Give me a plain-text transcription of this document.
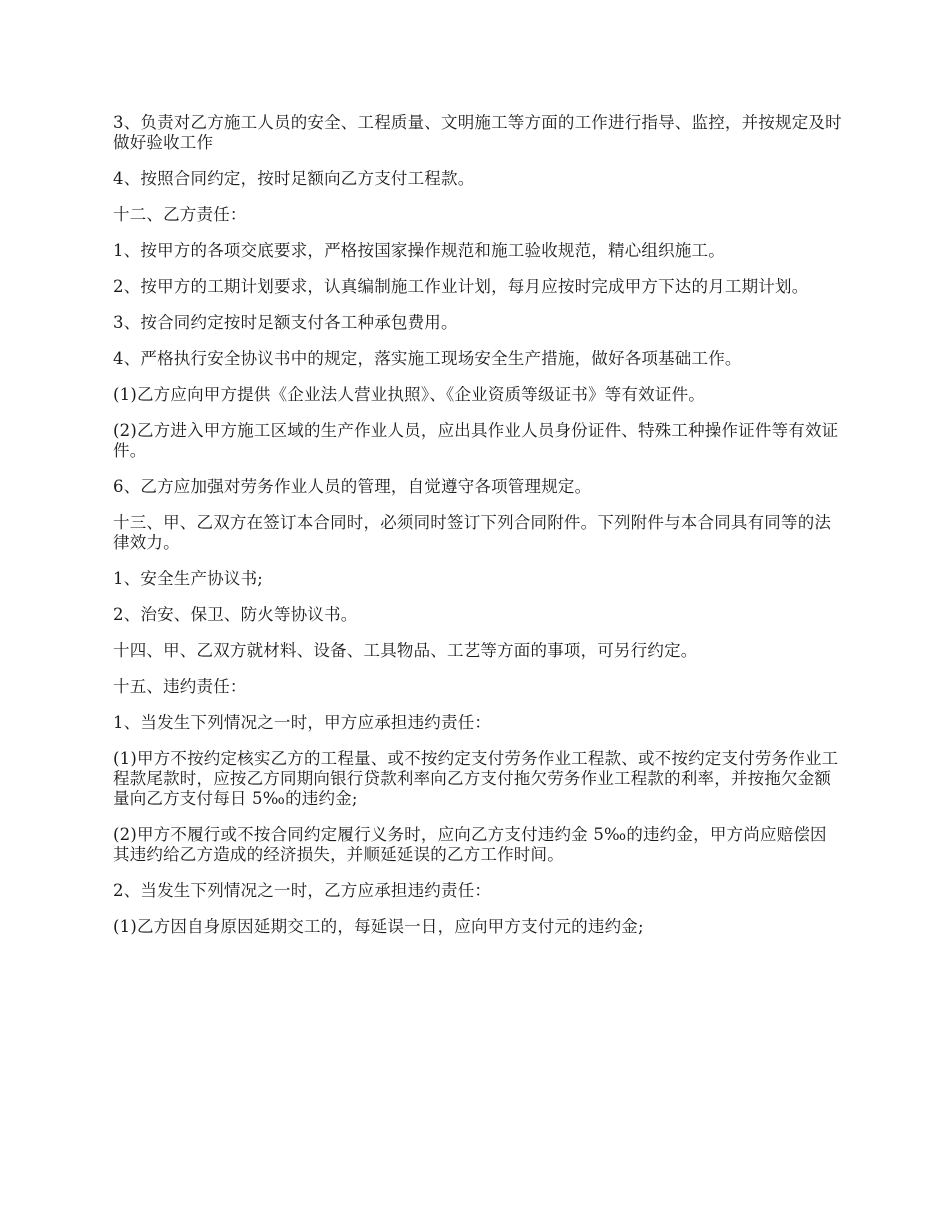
3、负责对乙方施工人员的安全、工程质量、文明施工等方面的工作进行指导、监控，并按规定及时做好验收工作

4、按照合同约定，按时足额向乙方支付工程款。

十二、乙方责任：

1、按甲方的各项交底要求，严格按国家操作规范和施工验收规范，精心组织施工。

2、按甲方的工期计划要求，认真编制施工作业计划，每月应按时完成甲方下达的月工期计划。

3、按合同约定按时足额支付各工种承包费用。

4、严格执行安全协议书中的规定，落实施工现场安全生产措施，做好各项基础工作。

(1)乙方应向甲方提供《企业法人营业执照》、《企业资质等级证书》等有效证件。

(2)乙方进入甲方施工区域的生产作业人员，应出具作业人员身份证件、特殊工种操作证件等有效证件。

6、乙方应加强对劳务作业人员的管理，自觉遵守各项管理规定。

十三、甲、乙双方在签订本合同时，必须同时签订下列合同附件。下列附件与本合同具有同等的法律效力。

1、安全生产协议书;

2、治安、保卫、防火等协议书。

十四、甲、乙双方就材料、设备、工具物品、工艺等方面的事项，可另行约定。

十五、违约责任：

1、当发生下列情况之一时，甲方应承担违约责任：

(1)甲方不按约定核实乙方的工程量、或不按约定支付劳务作业工程款、或不按约定支付劳务作业工程款尾款时，应按乙方同期向银行贷款利率向乙方支付拖欠劳务作业工程款的利率，并按拖欠金额量向乙方支付每日 5‰的违约金;

(2)甲方不履行或不按合同约定履行义务时，应向乙方支付违约金 5‰的违约金，甲方尚应赔偿因其违约给乙方造成的经济损失，并顺延延误的乙方工作时间。

2、当发生下列情况之一时，乙方应承担违约责任：

(1)乙方因自身原因延期交工的，每延误一日，应向甲方支付元的违约金;
